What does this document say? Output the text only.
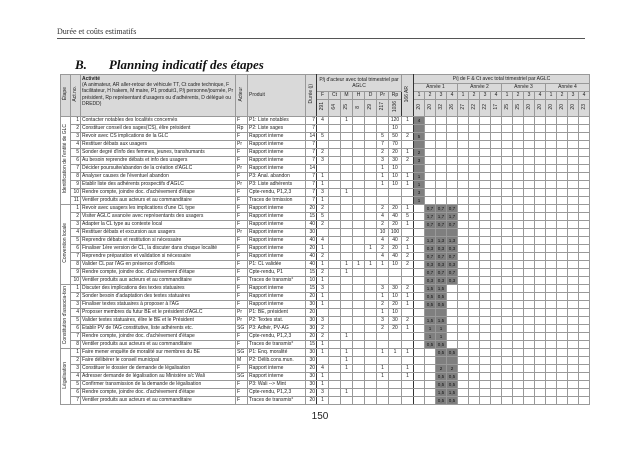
Durée et coûts estimatifs
B. Planning indicatif des étapes
Étape	Act.no.	Activité
(A animateur, AR aller-retour de véhicule TT, Ct cadre technique, F facilitateur, H hakem, M maire, P1 produit1, P/j personne/journée, Pr président, Rp représentant d'usagers ou d'adhérents, D délégué ou DREDD)	Acteur	Produit	Durée (j)	P/j d'acteur avec total trimestriel par AGLC							166 AR	P/j de F & Ct avec total trimestriel par AGLC															
														Année 1				Année 2				Année 3				Année 4			
						F	Ct	M	H	D	Pr	Rp		1	2	3	4	1	2	3	4	1	2	3	4	1	2	3	4
						291	64	25	8	29	217	1036		20	20	32	26	27	22	22	17	25	25	20	20	20	20	20	23
Identification de l'entité de GLC	1	Contacter notables des localités concernés	F	P1: Liste notables	7	4		1				120	1	4															
	2	Constituer conseil des sages(CS), élire président	Rp	P2: Liste sages	7							10																	
	3	Revoir avec CS implications de la GLC	F	Rapport interne	14	5					5	50	2	5															
	4	Restituer débats aux usagers	Pr	Rapport interne	7						7	70																	
	5	Sonder degré d'info des femmes, jeunes, transhumants	F	Rapport interne	7	2					2	20	1	2															
	6	Au besoin reprendre débats et info des usagers	F	Rapport interne	7	3					3	30	2	3															
	7	Décider poursuite/abandon de la création d'AGLC	Pr	Rapport interne	14						1	10																	
	8	Analyser causes de l'éventuel abandon	F	P3: Anal. abandon	7	1					1	10	1	1															
	9	Etablir liste des adhérents prospectifs d'AGLC	Pr	P3: Liste adhérents	7	1					1	10	1	1															
	10	Rendre compte, joindre doc. d'achèvement d'étape	F	Cpte-rendu, P1,2,3	7	3		1						3															
	11	Ventiler produits aux acteurs et au commanditaire	F	Traces de trmission	7	1								1															
Convention locale	1	Revoir avec usagers les implications d'une CL type	F	Rapport interne	20	2					2	20	1		0,7	0,7	0,7												
	2	Visiter AGLC avancée avec représentants des usagers	F	Rapport interne	15	5					4	40	5		1,7	1,7	1,7												
	3	Adapter la CL type au contexte local	F	Rapport interne	40	2					2	20	1		0,7	0,7	0,7												
	4	Restituer débats et excursion aux usagers	Pr	Rapport interne	30						10	100																	
	5	Reprendre débats et restitution si nécessaire	F	Rapport interne	40	4					4	40	2		1,3	1,3	1,3												
	6	Finaliser 1ère version de CL, la discuter dans chaque localité	F	Rapport interne	20	1				1	2	20	1		0,3	0,3	0,3												
	7	Reprendre préparation et validation si nécessaire	F	Rapport interne	40	2					4	40	2		0,7	0,7	0,7												
	8	Valider CL par l'AG en présence d'officiels	F	P1: CL validée	40	1		1	1	1	1	10	2		0,3	0,3	0,3												
	9	Rendre compte, joindre doc. d'achèvement d'étape	F	Cpte-rendu, P1	15	2		1							0,7	0,7	0,7												
	10	Ventiler produits aux acteurs et au commanditaire	F	Traces de transmis°	10	1									0,3	0,3	0,3												
Constitution d'associa-tion	1	Discuter des implications des textes statuaires	F	Rapport interne	15	3					3	30	2		1,5	1,5													
	2	Sonder besoin d'adaptation des textes statuaires	F	Rapport interne	20	1					1	10	1		0,5	0,5													
	3	Finaliser textes statuaires à proposer à l'AG	F	Rapport interne	30	1					2	20	1		0,5	0,5													
	4	Proposer membres du futur BE et le président d'AGLC	Pr	P1: BE, président	20						1	10																	
	5	Valider textes statuaires, élire le BE et le Président	Pr	P2: Textes stat.	30	3					3	30	2		1,5	1,5													
	6	Etablir PV de l'AG constitutive, liste adhérents etc.	SG	P3: Adhér, PV-AG	30	2					2	20	1		1	1													
	7	Rendre compte, joindre doc. d'achèvement d'étape	F	Cpte-rendu, P1,2,3	20	2		1							1	1													
	8	Ventiler produits aux acteurs et au commanditaire	F	Traces de transmis°	15	1									0,5	0,5													
Légalisation	1	Faire mener enquête de moralité sur membres du BE	SG	P1: Enq. moralité	30	1		1			1	1	1			0,5	0,5												
	2	Faire délibérer le conseil municipal	M	P2: Délib.cons.mun.	30			1																					
	3	Constituer le dossier de demande de légalisation	F	Rapport interne	20	4		1			1		1			2	2												
	4	Adresser demande de légalisation au Ministère s/c Wali	SG	Rapport interne	30	1					1		1			0,5	0,5												
	5	Confirmer transmission de la demande de légalisation	F	P3: Wali --> Mint	30	1										0,5	0,5												
	6	Rendre compte, joindre doc. d'achèvement d'étape	F	Cpte-rendu, P1,2,3	20	3		1								1,5	1,5												
	7	Ventiler produits aux acteurs et au commanditaire	F	Traces de transmis°	20	1										0,5	0,5												
150
